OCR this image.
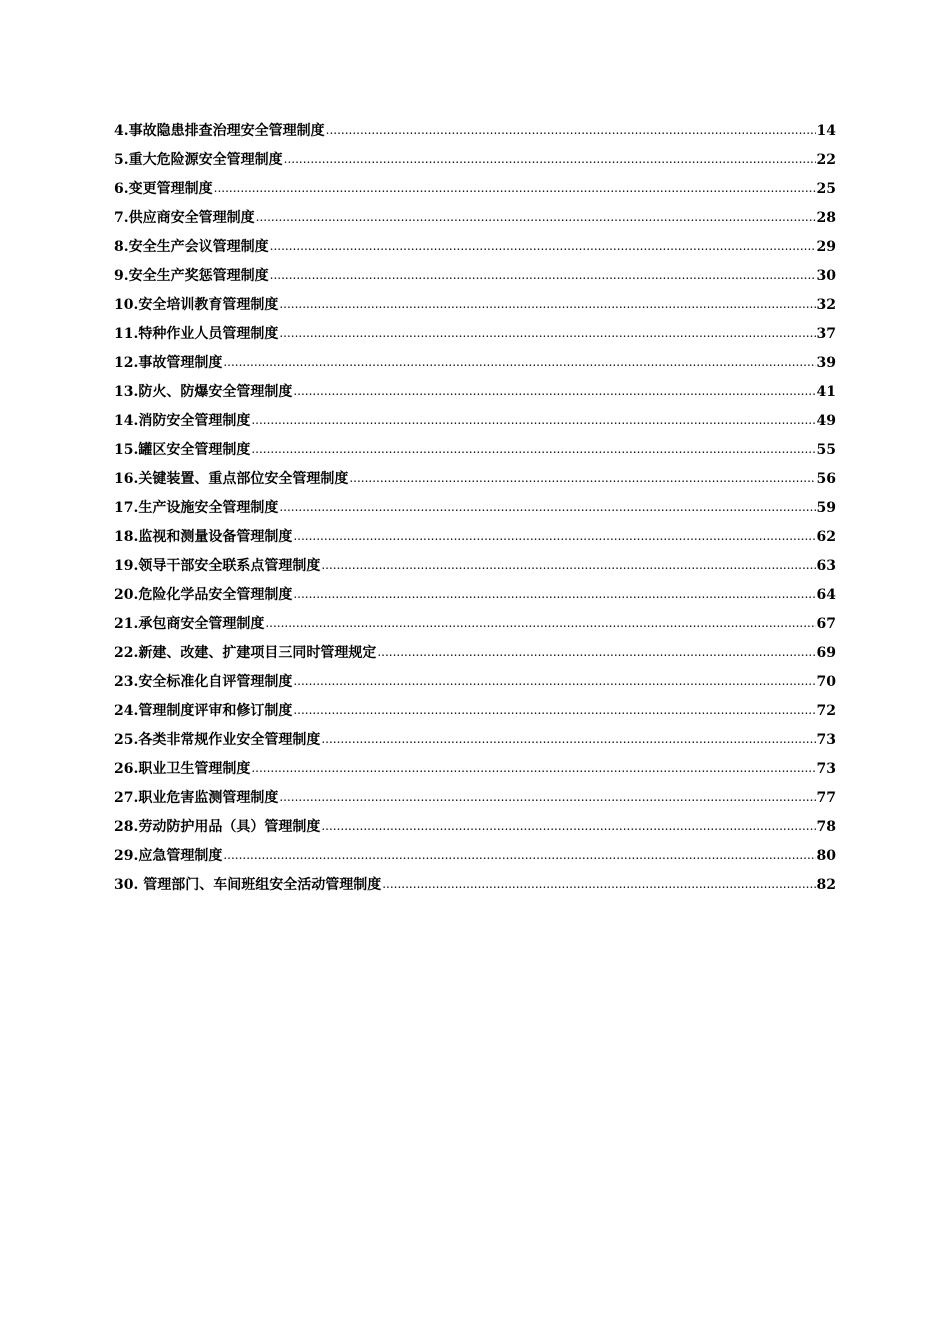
4.事故隐患排查治理安全管理制度 .....	14
5.重大危险源安全管理制度 .....	22
6.变更管理制度 .....	25
7.供应商安全管理制度 .....	28
8.安全生产会议管理制度 .....	29
9.安全生产奖惩管理制度 .....	30
10.安全培训教育管理制度 .....	32
11.特种作业人员管理制度 .....	37
12.事故管理制度 .....	39
13.防火、防爆安全管理制度 .....	41
14.消防安全管理制度 .....	49
15.罐区安全管理制度 .....	55
16.关键装置、重点部位安全管理制度 .....	56
17.生产设施安全管理制度 .....	59
18.监视和测量设备管理制度 .....	62
19.领导干部安全联系点管理制度 .....	63
20.危险化学品安全管理制度 .....	64
21.承包商安全管理制度 .....	67
22.新建、改建、扩建项目三同时管理规定 .....	69
23.安全标准化自评管理制度 .....	70
24.管理制度评审和修订制度 .....	72
25.各类非常规作业安全管理制度 .....	73
26.职业卫生管理制度 .....	73
27.职业危害监测管理制度 .....	77
28.劳动防护用品（具）管理制度 .....	78
29.应急管理制度 .....	80
30. 管理部门、车间班组安全活动管理制度 .....	82
